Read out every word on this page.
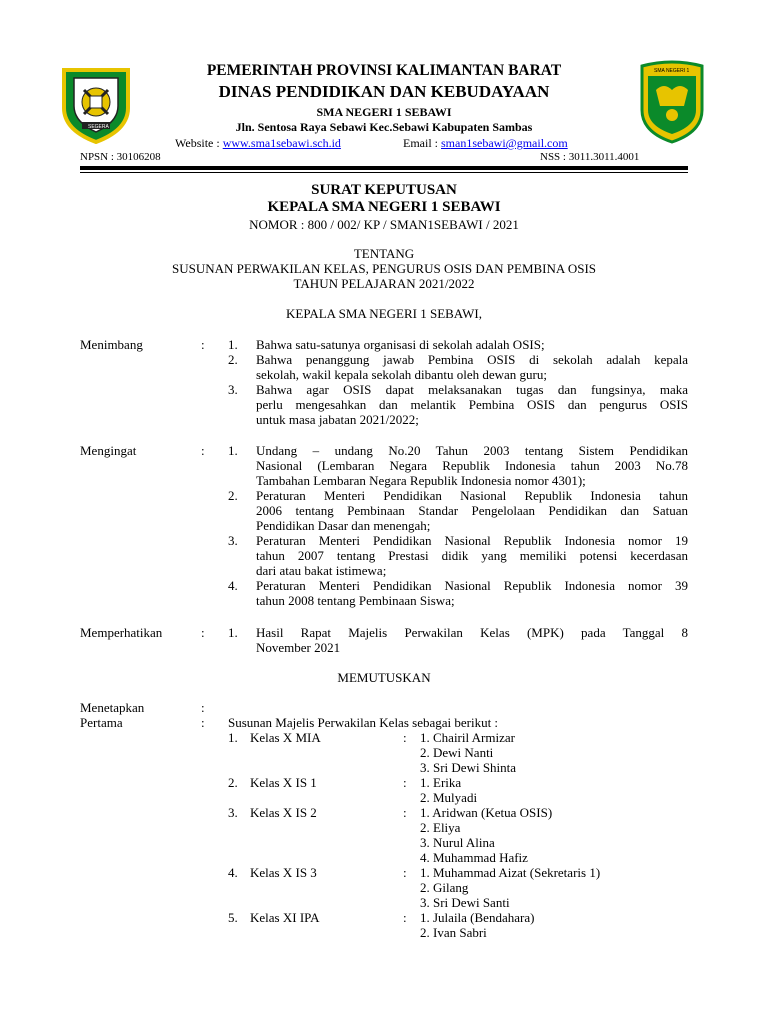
SEGERA
SMA NEGERI 1
PEMERINTAH PROVINSI KALIMANTAN BARAT
DINAS PENDIDIKAN DAN KEBUDAYAAN
SMA NEGERI 1 SEBAWI
Jln. Sentosa Raya Sebawi Kec.Sebawi Kabupaten Sambas
Website : www.sma1sebawi.sch.id	Email : sman1sebawi@gmail.com
NPSN : 30106208	NSS : 3011.3011.4001
SURAT KEPUTUSAN
KEPALA SMA NEGERI 1 SEBAWI
NOMOR : 800 / 002/ KP / SMAN1SEBAWI / 2021
TENTANG
SUSUNAN PERWAKILAN KELAS, PENGURUS OSIS DAN PEMBINA OSIS
TAHUN PELAJARAN 2021/2022
KEPALA SMA NEGERI 1 SEBAWI,
Menimbang	: 1. Bahwa satu-satunya organisasi di sekolah adalah OSIS;
2. Bahwa penanggung jawab Pembina OSIS di sekolah adalah kepala
sekolah, wakil kepala sekolah dibantu oleh dewan guru;
3. Bahwa agar OSIS dapat melaksanakan tugas dan fungsinya, maka
perlu mengesahkan dan melantik Pembina OSIS dan pengurus OSIS
untuk masa jabatan 2021/2022;
Mengingat	: 1. Undang – undang No.20 Tahun 2003 tentang Sistem Pendidikan
Nasional (Lembaran Negara Republik Indonesia tahun 2003 No.78
Tambahan Lembaran Negara Republik Indonesia nomor 4301);
2. Peraturan Menteri Pendidikan Nasional Republik Indonesia tahun
2006 tentang Pembinaan Standar Pengelolaan Pendidikan dan Satuan
Pendidikan Dasar dan menengah;
3. Peraturan Menteri Pendidikan Nasional Republik Indonesia nomor 19
tahun 2007 tentang Prestasi didik yang memiliki potensi kecerdasan
dari atau bakat istimewa;
4. Peraturan Menteri Pendidikan Nasional Republik Indonesia nomor 39
tahun 2008 tentang Pembinaan Siswa;
Memperhatikan	: 1. Hasil Rapat Majelis Perwakilan Kelas (MPK) pada Tanggal 8
November 2021
MEMUTUSKAN
Menetapkan	:
Pertama	: Susunan Majelis Perwakilan Kelas sebagai berikut :
1. Kelas X MIA	: 1. Chairil Armizar
2. Dewi Nanti
3. Sri Dewi Shinta
2. Kelas X IS 1	: 1. Erika
2. Mulyadi
3. Kelas X IS 2	: 1. Aridwan (Ketua OSIS)
2. Eliya
3. Nurul Alina
4. Muhammad Hafiz
4. Kelas X IS 3	: 1. Muhammad Aizat (Sekretaris 1)
2. Gilang
3. Sri Dewi Santi
5. Kelas XI IPA	: 1. Julaila (Bendahara)
2. Ivan Sabri
